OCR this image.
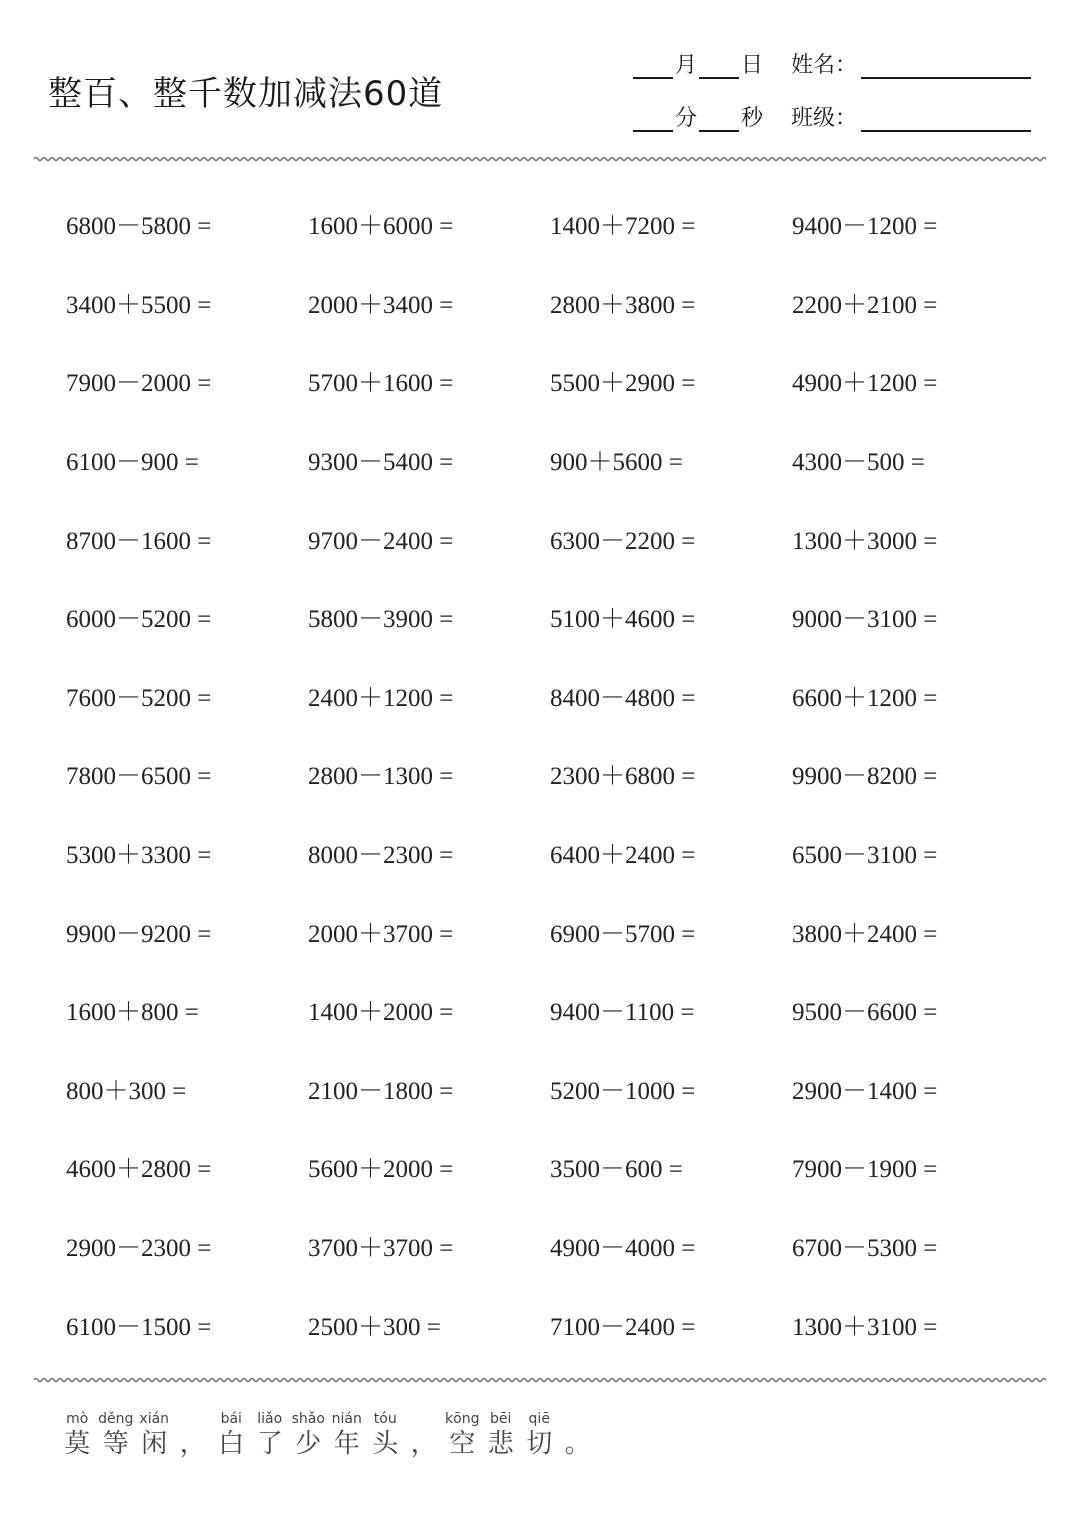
整百、整千数加减法60道
月 日 姓名：
分 秒 班级：
6800－5800 =	1600＋6000 =	1400＋7200 =	9400－1200 =
3400＋5500 =	2000＋3400 =	2800＋3800 =	2200＋2100 =
7900－2000 =	5700＋1600 =	5500＋2900 =	4900＋1200 =
6100－900 =	9300－5400 =	900＋5600 =	4300－500 =
8700－1600 =	9700－2400 =	6300－2200 =	1300＋3000 =
6000－5200 =	5800－3900 =	5100＋4600 =	9000－3100 =
7600－5200 =	2400＋1200 =	8400－4800 =	6600＋1200 =
7800－6500 =	2800－1300 =	2300＋6800 =	9900－8200 =
5300＋3300 =	8000－2300 =	6400＋2400 =	6500－3100 =
9900－9200 =	2000＋3700 =	6900－5700 =	3800＋2400 =
1600＋800 =	1400＋2000 =	9400－1100 =	9500－6600 =
800＋300 =	2100－1800 =	5200－1000 =	2900－1400 =
4600＋2800 =	5600＋2000 =	3500－600 =	7900－1900 =
2900－2300 =	3700＋3700 =	4900－4000 =	6700－5300 =
6100－1500 =	2500＋300 =	7100－2400 =	1300＋3100 =
mò
莫
děng
等
xián
闲 ，
bái
白
liǎo
了
shǎo
少
nián
年
tóu
头 ，
kōng
空
bēi
悲
qiē
切 。
